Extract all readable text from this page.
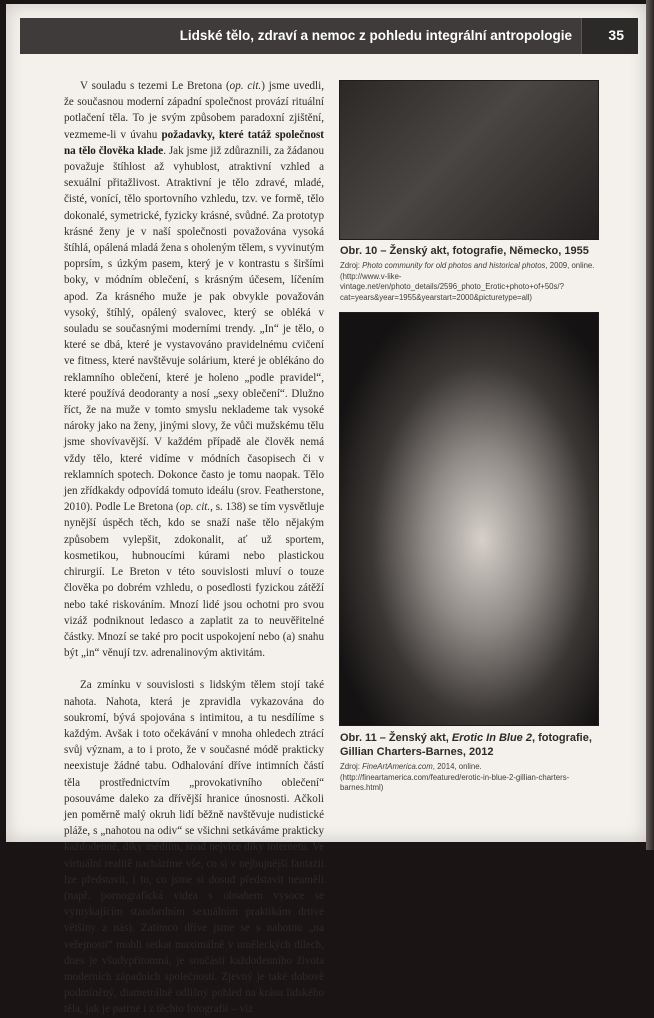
Lidské tělo, zdraví a nemoc z pohledu integrální antropologie	35

V souladu s tezemi Le Bretona (op. cit.) jsme uvedli, že současnou moderní západní společnost provází rituální potlačení těla. To je svým způsobem paradoxní zjištění, vezmeme-li v úvahu požadavky, které tatáž společnost na tělo člověka klade. Jak jsme již zdůraznili, za žádanou považuje štíhlost až vyhublost, atraktivní vzhled a sexuální přitažlivost. Atraktivní je tělo zdravé, mladé, čisté, vonící, tělo sportovního vzhledu, tzv. ve formě, tělo dokonalé, symetrické, fyzicky krásné, svůdné. Za prototyp krásné ženy je v naší společnosti považována vysoká štíhlá, opálená mladá žena s oholeným tělem, s vyvinutým poprsím, s úzkým pasem, který je v kontrastu s širšími boky, v módním oblečení, s krásným účesem, líčením apod. Za krásného muže je pak obvykle považován vysoký, štíhlý, opálený svalovec, který se obléká v souladu se současnými moderními trendy. „In“ je tělo, o které se dbá, které je vystavováno pravidelnému cvičení ve fitness, které navštěvuje solárium, které je oblékáno do reklamního oblečení, které je holeno „podle pravidel“, které používá deodoranty a nosí „sexy oblečení“. Dlužno říct, že na muže v tomto smyslu neklademe tak vysoké nároky jako na ženy, jinými slovy, že vůči mužskému tělu jsme shovívavější. V každém případě ale člověk nemá vždy tělo, které vidíme v módních časopisech či v reklamních spotech. Dokonce často je tomu naopak. Tělo jen zřídkakdy odpovídá tomuto ideálu (srov. Featherstone, 2010). Podle Le Bretona (op. cit., s. 138) se tím vysvětluje nynější úspěch těch, kdo se snaží naše tělo nějakým způsobem vylepšit, zdokonalit, ať už sportem, kosmetikou, hubnoucími kúrami nebo plastickou chirurgií. Le Breton v této souvislosti mluví o touze člověka po dobrém vzhledu, o posedlosti fyzickou zátěží nebo také riskováním. Mnozí lidé jsou ochotni pro svou vizáž podniknout ledasco a zaplatit za to neuvěřitelné částky. Mnozí se také pro pocit uspokojení nebo (a) snahu být „in“ věnují tzv. adrenalinovým aktivitám.

Za zmínku v souvislosti s lidským tělem stojí také nahota. Nahota, která je zpravidla vykazována do soukromí, bývá spojována s intimitou, a tu nesdílíme s každým. Avšak i toto očekávání v mnoha ohledech ztrácí svůj význam, a to i proto, že v současné módě prakticky neexistuje žádné tabu. Odhalování dříve intimních částí těla prostřednictvím „provokativního oblečení“ posouváme daleko za dřívější hranice únosnosti. Ačkoli jen poměrně malý okruh lidí běžně navštěvuje nudistické pláže, s „nahotou na odiv“ se všichni setkáváme prakticky každodenně, díky médiím, snad nejvíce díky internetu. Ve virtuální realitě nacházíme vše, co si v nejbujnější fantazii lze představit, i to, co jsme si dosud představit neuměli (např. pornografická videa s obsahem vysoce se vymykajícím standardním sexuálním praktikám drtivé většiny z nás). Zatímco dříve jsme se s nahotou „na veřejnosti“ mohli setkat maximálně v uměleckých dílech, dnes je všudypřítomná, je součástí každodenního života moderních západních společností. Zjevný je také dobově podmíněný, diametrálně odlišný pohled na krásu lidského těla, jak je patrné i z těchto fotografií – viz

Obr. 10 – Ženský akt, fotografie, Německo, 1955
Zdroj: Photo community for old photos and historical photos, 2009, online. (http://www.v-like-vintage.net/en/photo_details/2596_photo_Erotic+photo+of+50s/?cat=years&year=1955&yearstart=2000&picturetype=all)
Obr. 11 – Ženský akt, Erotic In Blue 2, fotografie, Gillian Charters-Barnes, 2012
Zdroj: FineArtAmerica.com, 2014, online. (http://fineartamerica.com/featured/erotic-in-blue-2-gillian-charters-barnes.html)
